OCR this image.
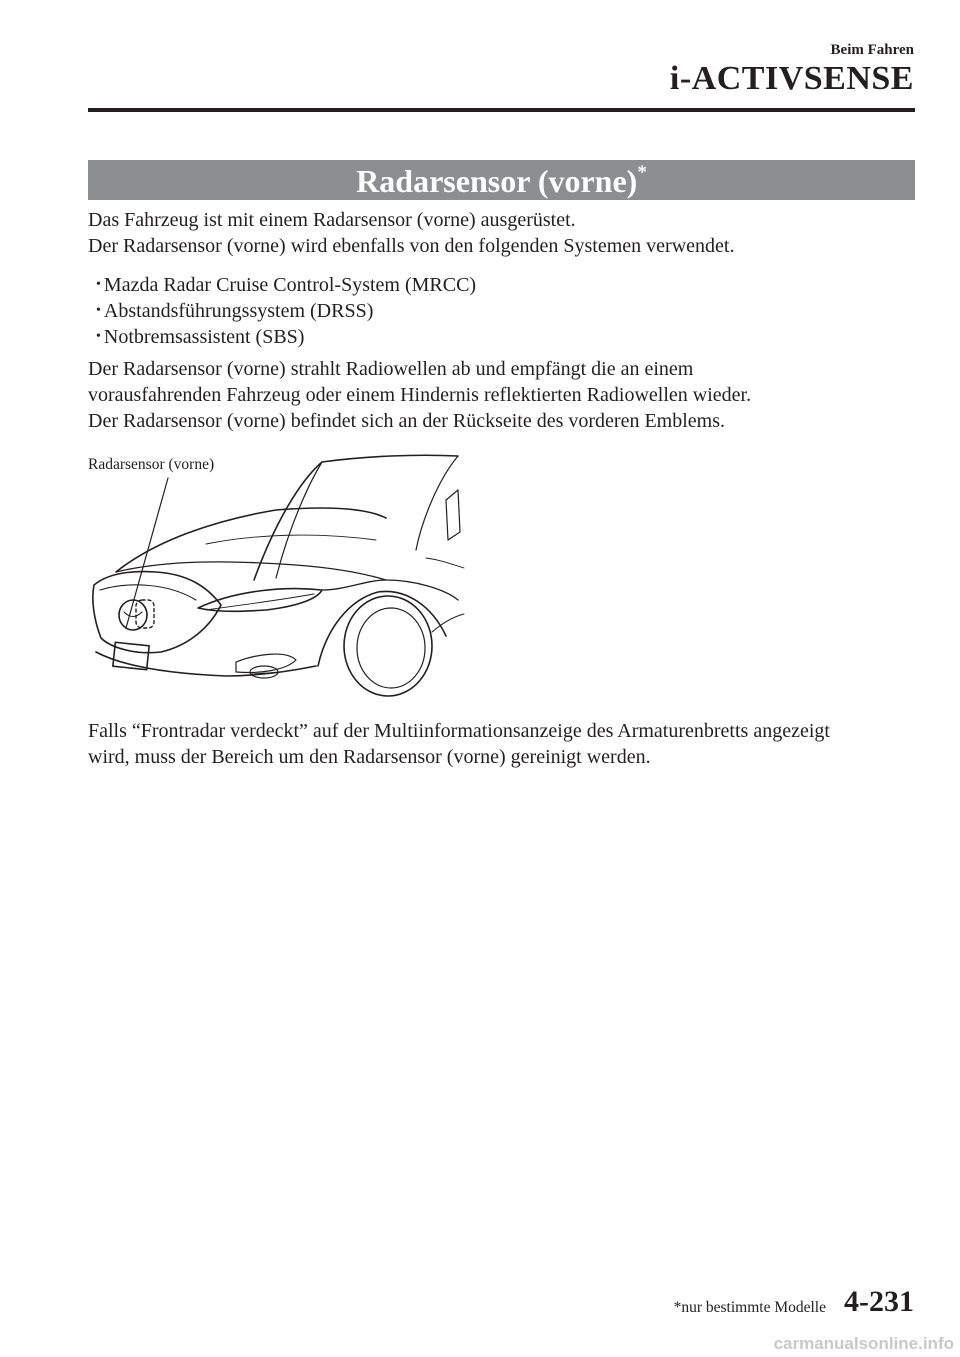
Beim Fahren
i-ACTIVSENSE
Radarsensor (vorne)*
Das Fahrzeug ist mit einem Radarsensor (vorne) ausgerüstet.
Der Radarsensor (vorne) wird ebenfalls von den folgenden Systemen verwendet.
• Mazda Radar Cruise Control-System (MRCC)
• Abstandsführungssystem (DRSS)
• Notbremsassistent (SBS)
Der Radarsensor (vorne) strahlt Radiowellen ab und empfängt die an einem
vorausfahrenden Fahrzeug oder einem Hindernis reflektierten Radiowellen wieder.
Der Radarsensor (vorne) befindet sich an der Rückseite des vorderen Emblems.
Radarsensor (vorne)
Falls “Frontradar verdeckt” auf der Multiinformationsanzeige des Armaturenbretts angezeigt
wird, muss der Bereich um den Radarsensor (vorne) gereinigt werden.
*nur bestimmte Modelle 4-231
carmanualsonline.info
